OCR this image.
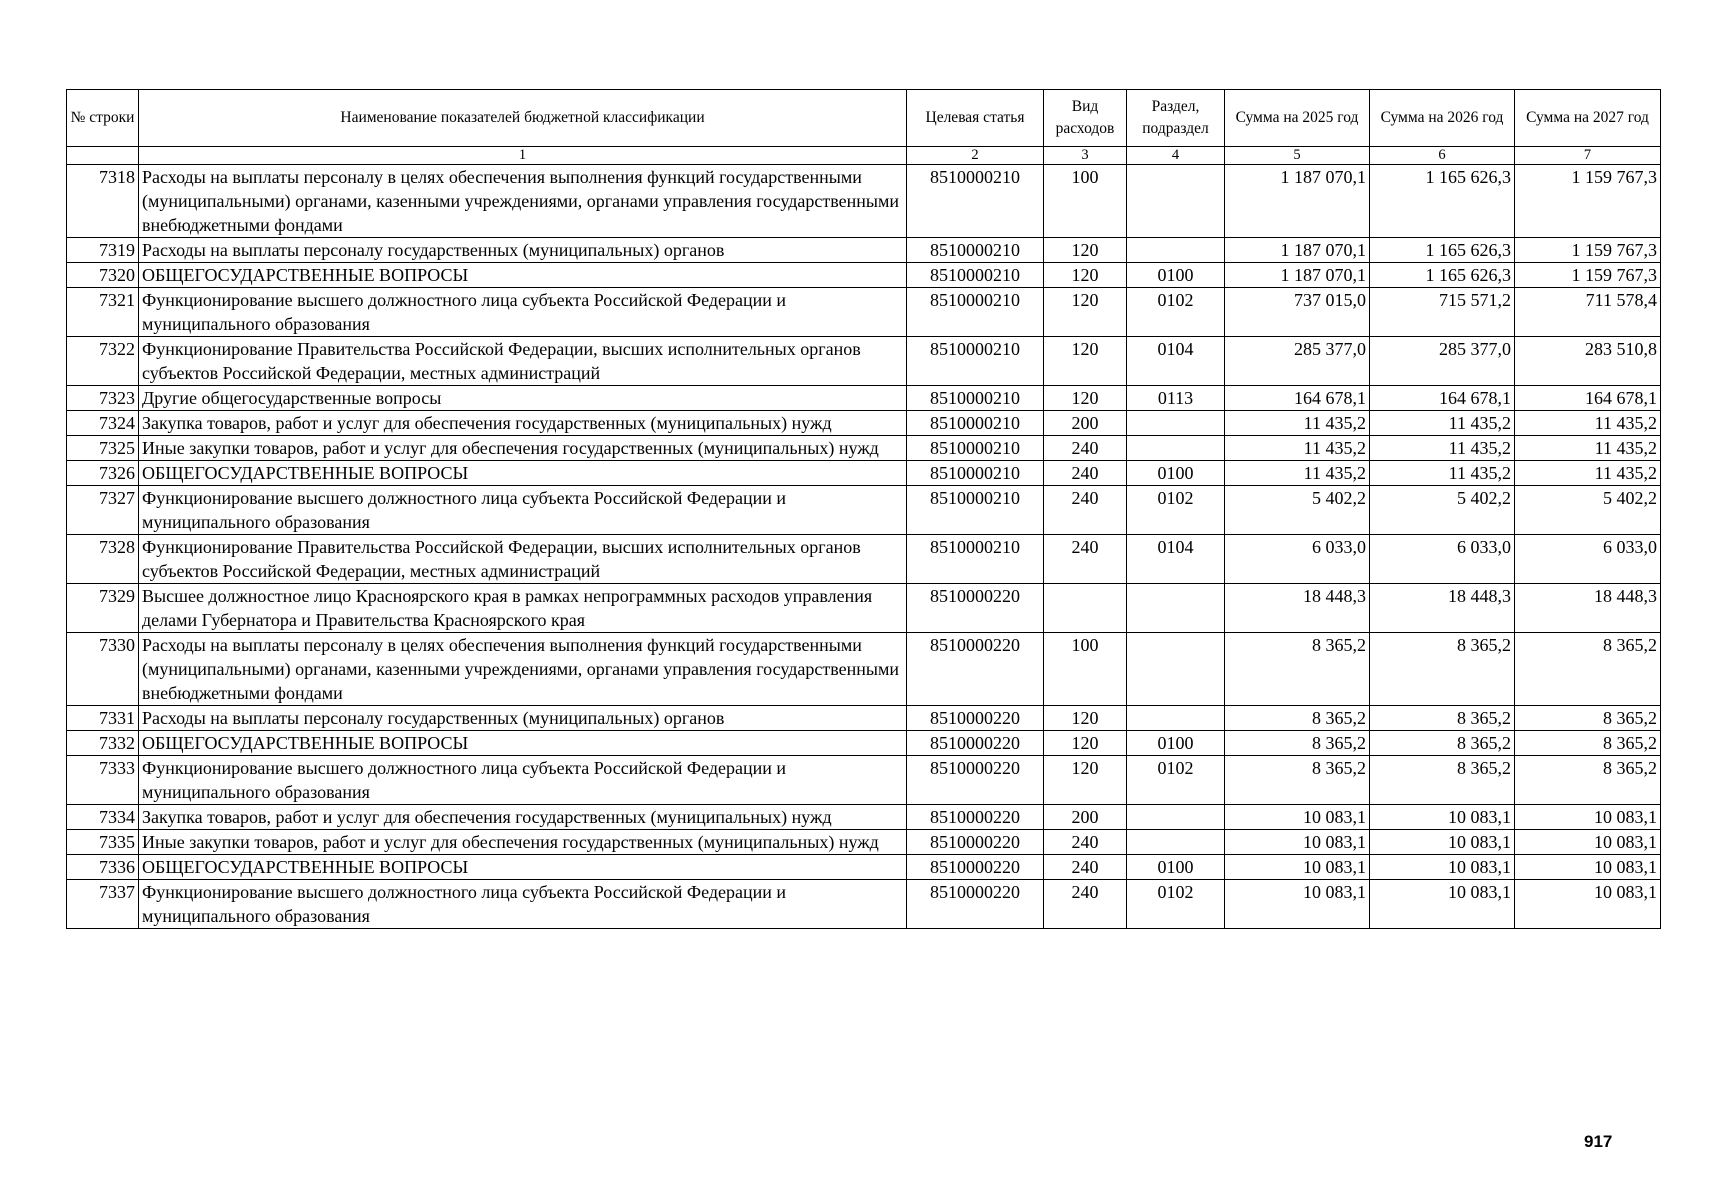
№ строки	Наименование показателей бюджетной классификации	Целевая статья	Вид расходов	Раздел, подраздел	Сумма на 2025 год	Сумма на 2026 год	Сумма на 2027 год
	1	2	3	4	5	6	7
7318	Расходы на выплаты персоналу в целях обеспечения выполнения функций государственными (муниципальными) органами, казенными учреждениями, органами управления государственными внебюджетными фондами	8510000210	100		1 187 070,1	1 165 626,3	1 159 767,3
7319	Расходы на выплаты персоналу государственных (муниципальных) органов	8510000210	120		1 187 070,1	1 165 626,3	1 159 767,3
7320	ОБЩЕГОСУДАРСТВЕННЫЕ ВОПРОСЫ	8510000210	120	0100	1 187 070,1	1 165 626,3	1 159 767,3
7321	Функционирование высшего должностного лица субъекта Российской Федерации и муниципального образования	8510000210	120	0102	737 015,0	715 571,2	711 578,4
7322	Функционирование Правительства Российской Федерации, высших исполнительных органов субъектов Российской Федерации, местных администраций	8510000210	120	0104	285 377,0	285 377,0	283 510,8
7323	Другие общегосударственные вопросы	8510000210	120	0113	164 678,1	164 678,1	164 678,1
7324	Закупка товаров, работ и услуг для обеспечения государственных (муниципальных) нужд	8510000210	200		11 435,2	11 435,2	11 435,2
7325	Иные закупки товаров, работ и услуг для обеспечения государственных (муниципальных) нужд	8510000210	240		11 435,2	11 435,2	11 435,2
7326	ОБЩЕГОСУДАРСТВЕННЫЕ ВОПРОСЫ	8510000210	240	0100	11 435,2	11 435,2	11 435,2
7327	Функционирование высшего должностного лица субъекта Российской Федерации и муниципального образования	8510000210	240	0102	5 402,2	5 402,2	5 402,2
7328	Функционирование Правительства Российской Федерации, высших исполнительных органов субъектов Российской Федерации, местных администраций	8510000210	240	0104	6 033,0	6 033,0	6 033,0
7329	Высшее должностное лицо Красноярского края в рамках непрограммных расходов управления делами Губернатора и Правительства Красноярского края	8510000220			18 448,3	18 448,3	18 448,3
7330	Расходы на выплаты персоналу в целях обеспечения выполнения функций государственными (муниципальными) органами, казенными учреждениями, органами управления государственными внебюджетными фондами	8510000220	100		8 365,2	8 365,2	8 365,2
7331	Расходы на выплаты персоналу государственных (муниципальных) органов	8510000220	120		8 365,2	8 365,2	8 365,2
7332	ОБЩЕГОСУДАРСТВЕННЫЕ ВОПРОСЫ	8510000220	120	0100	8 365,2	8 365,2	8 365,2
7333	Функционирование высшего должностного лица субъекта Российской Федерации и муниципального образования	8510000220	120	0102	8 365,2	8 365,2	8 365,2
7334	Закупка товаров, работ и услуг для обеспечения государственных (муниципальных) нужд	8510000220	200		10 083,1	10 083,1	10 083,1
7335	Иные закупки товаров, работ и услуг для обеспечения государственных (муниципальных) нужд	8510000220	240		10 083,1	10 083,1	10 083,1
7336	ОБЩЕГОСУДАРСТВЕННЫЕ ВОПРОСЫ	8510000220	240	0100	10 083,1	10 083,1	10 083,1
7337	Функционирование высшего должностного лица субъекта Российской Федерации и муниципального образования	8510000220	240	0102	10 083,1	10 083,1	10 083,1
917
